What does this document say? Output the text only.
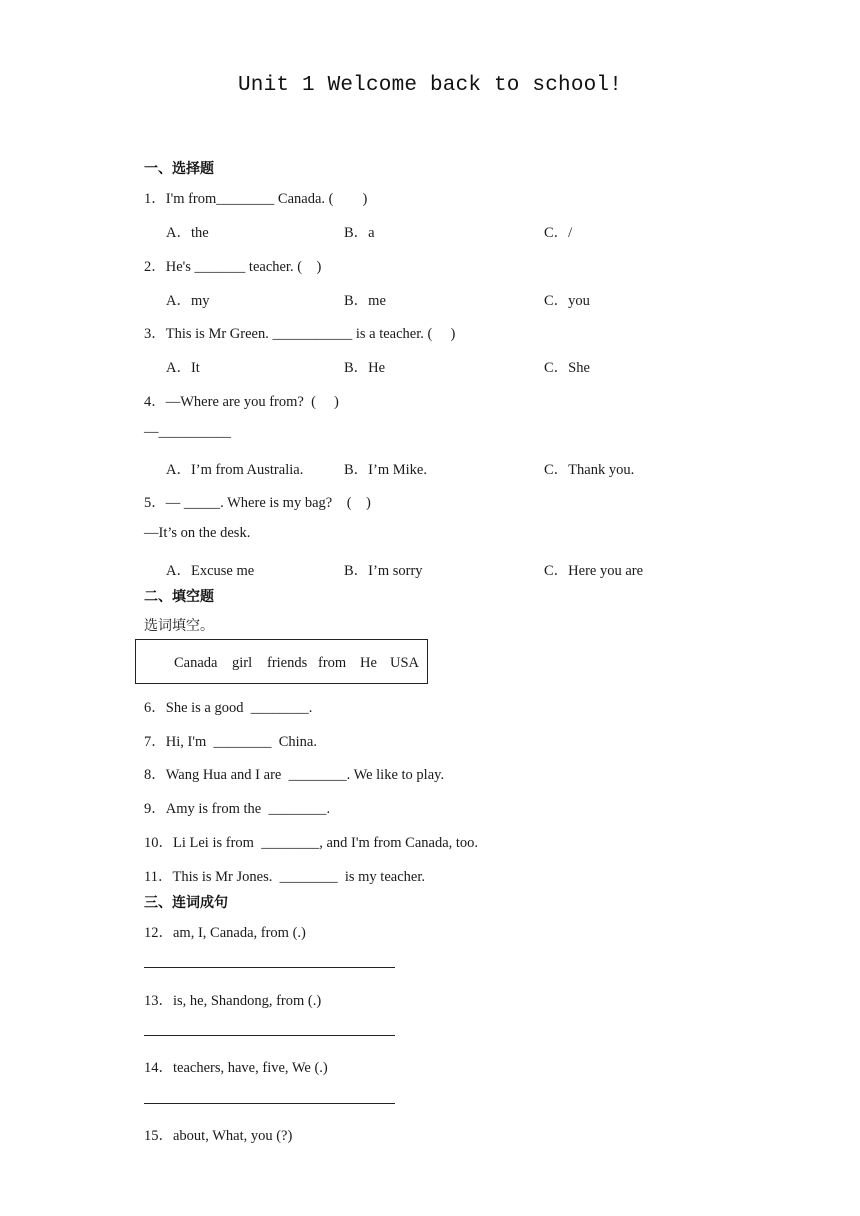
Unit 1 Welcome back to school!
一、选择题
1．I'm from________ Canada. (　　)
A．the	B．a	C．/
2．He's _______ teacher. (　)
A．my	B．me	C．you
3．This is Mr Green. ___________ is a teacher. (　 )
A．It	B．He	C．She
4．—Where are you from?  (　 )
—__________
A．I’m from Australia.	B．I’m Mike.	C．Thank you.
5．— _____. Where is my bag?　(　)
—It’s on the desk.
A．Excuse me	B．I’m sorry	C．Here you are
二、填空题
选词填空。
Canada girl friends from He USA
6．She is a good  ________.
7．Hi, I'm  ________  China.
8．Wang Hua and I are  ________. We like to play.
9．Amy is from the  ________.
10．Li Lei is from  ________, and I'm from Canada, too.
11．This is Mr Jones.  ________  is my teacher.
三、连词成句
12．am, I, Canada, from (.)
13．is, he, Shandong, from (.)
14．teachers, have, five, We (.)
15．about, What, you (?)
